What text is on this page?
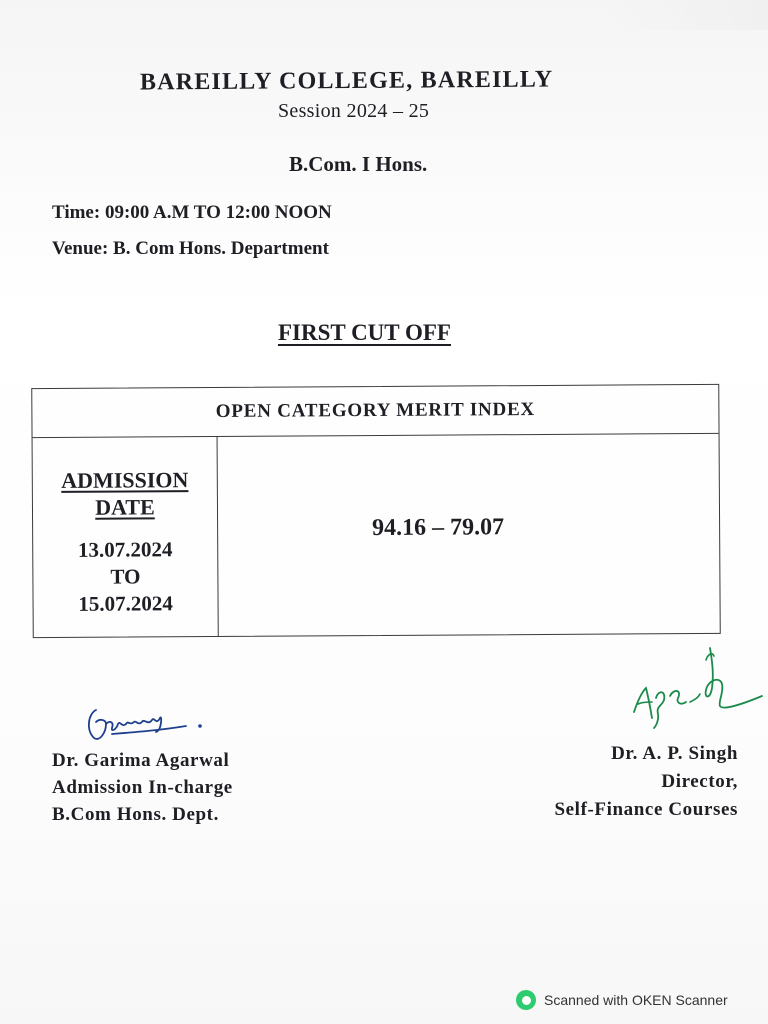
BAREILLY COLLEGE, BAREILLY
Session 2024 – 25
B.Com. I Hons.
Time: 09:00 A.M TO 12:00 NOON
Venue: B. Com Hons. Department
FIRST CUT OFF
OPEN CATEGORY MERIT INDEX
ADMISSION
DATE
13.07.2024
TO
15.07.2024
94.16 – 79.07
Dr. Garima Agarwal
Admission In-charge
B.Com Hons. Dept.
Dr. A. P. Singh
Director,
Self-Finance Courses
Scanned with OKEN Scanner
